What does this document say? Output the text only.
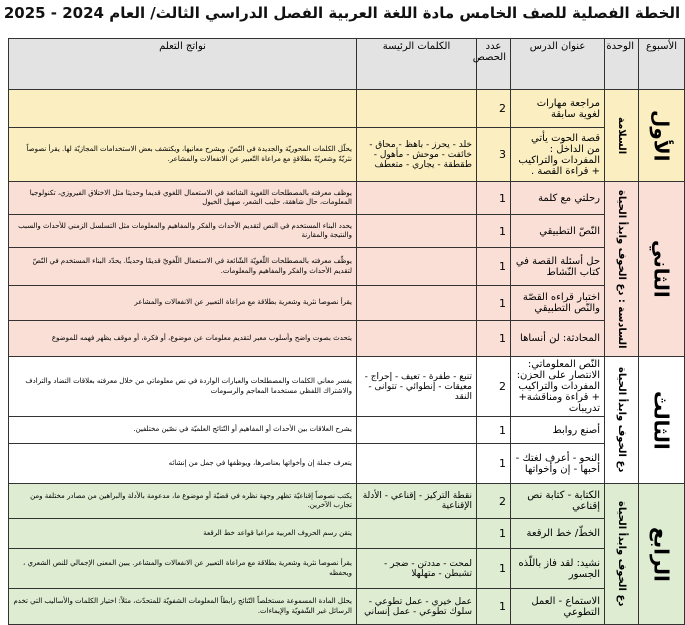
الخطة الفصلية للصف الخامس مادة اللغة العربية الفصل الدراسي الثالث/ العام 2024 - 2025
الأسبوع	الوحدة	عنوان الدرس	عدد الحصص	الكلمات الرئيسة	نواتج التعلم

الأول	السلامة	مراجعة مهارات لغوية سابقة	2		
		قصة الحوت يأتي من الداخل : المفردات والتراكيب + قراءة القصة .	3	خلد - يحرز - باهظ - محاق - خائفت - موحش - مأهول - طقطقة - يجاري - متعطف	يحلّل الكلمات المحوريّة والجديدة في النّصّ، ويشرح معانيها، ويكتشف بعض الاستخدامات المجازيّة لها. يقرأ نصوصاً نثريّةً وشعريّةً بطلاقةٍ مع مراعاة التّعبير عن الانفعالات والمشاعر.

الثاني	السادسة : دع الخوف وابدأ الحياة	رحلتي مع كلمة	1		يوظف معرفته بالمصطلحات اللغوية الشائعة في الاستعمال اللغوي قديما وحديثا مثل الاختلاق الفيروزي، تكنولوجيا المعلومات، حال شاهقة، حليب الشعر، صهيل الخيول
		النّصّ التطبيقي	1		يحدد البناء المستخدم في النص لتقديم الأحداث والفكر والمفاهيم والمعلومات مثل التسلسل الزمني للأحداث والسبب والنتيجة والمقارنة
		حل أسئلة القصة في كتاب النّشاط	1		يوظّف معرفته بالمصطلحات اللّغويّة الشّائعة في الاستعمال اللّغويّ قديمًا وحديثًا. يحدّد البناء المستخدم في النّصّ لتقديم الأحداث والفكر والمفاهيم والمعلومات.
		اختبار قراءه القصّة والنّص التطبيقي	1		يقرأ نصوصا نثرية وشعرية بطلاقة مع مراعاة التعبير عن الانفعالات والمشاعر
		المحادثة: لن أنساها	1		يتحدث بصوت واضح وأسلوب معبر لتقديم معلومات عن موضوع، أو فكرة، أو موقف يظهر فهمه للموضوع

الثالث	دع الخوف وابدأ الحياة	النّص المعلوماتي: الانتصار على الحزن: المفردات والتراكيب + قراءة ومناقشة+ تدريبات	2	تنبع - طفرة - تعيف - إحراج - معيقات - إنطوائي - تتوانى - النقد	يفسر معاني الكلمات والمصطلحات والعبارات الواردة في نص معلوماتي من خلال معرفته بعلاقات التضاد والترادف والاشتراك اللفظي مستخدما المعاجم والرسومات
		أصنع روابط	1		يشرح العلاقات بين الأحداث أو المفاهيم أو النّتائج العلميّة في نصّين مختلفين.
		النحو - أعرف لغتك - أحبها - إن وأخواتها	1		يتعرف جملة إن وأخواتها بعناصرها، ويوظفها في جمل من إنشائه

الرابع	دع الخوف وابدأ الحياة	الكتابة - كتابة نص إقناعي	2	نقطة التركيز - إقناعي - الأدلة الإقناعية	يكتب نصوصاً إقناعيّة تظهر وجهة نظره في قضيّة أو موضوع ما، مدعومة بالأدلة والبراهين من مصادر مختلفة ومن تجارب الآخرين.
		الخطّ/ خط الرقعة	1		يتقن رسم الحروف العربية مراعيا قواعد خط الرقعة
		نشيد: لقد فاز باللّذه الجسور	1	لمحت - مددتن - ضجر - تشبطن - متهلهلا	يقرأ نصوصا نثرية وشعرية بطلاقة مع مراعاة التعبير عن الانفعالات والمشاعر. يبين المعنى الإجمالي للنص الشعري ، ويحفظه
		الاستماع - العمل التطوعي	1	عمل خيري - عمل تطوعي - سلوك تطوعي - عمل إنساني	يحلل المادة المسموعة مستخلصاً النّتائج رابطاً المعلومات الشفويّة للمتحدّث، مثلاً: اختيار الكلمات والأساليب التي تخدم الرسائل غير الشّفويّة والإيماءات.
